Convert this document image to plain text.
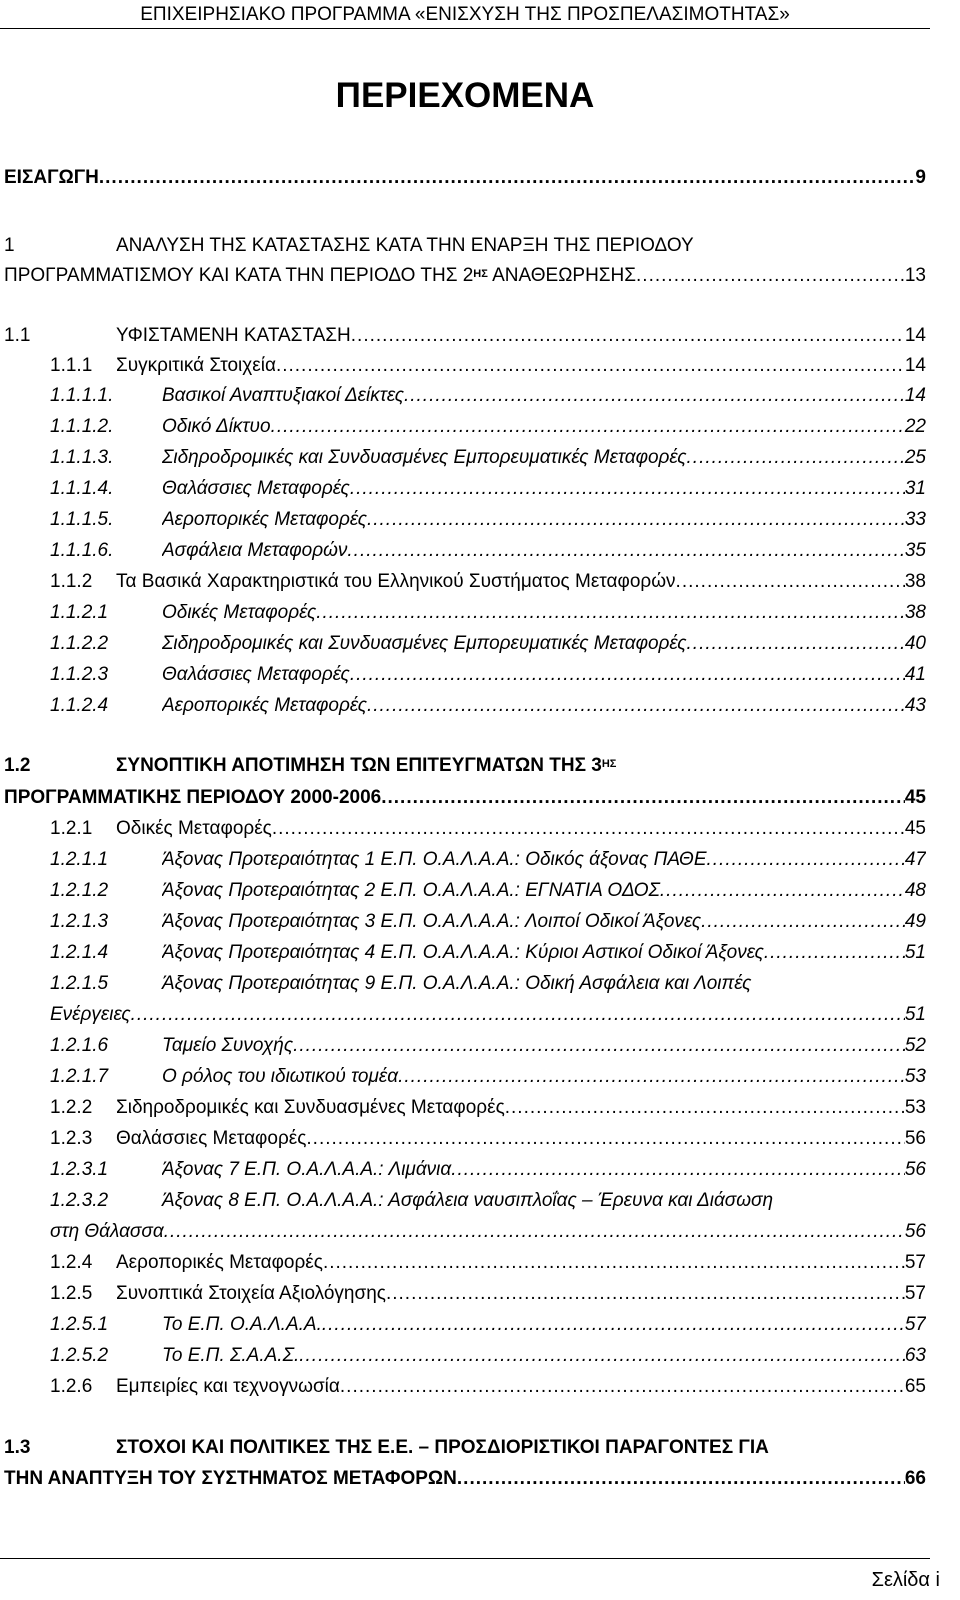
ΕΠΙΧΕΙΡΗΣΙΑΚΟ ΠΡΟΓΡΑΜΜΑ «ΕΝΙΣΧΥΣΗ ΤΗΣ ΠΡΟΣΠΕΛΑΣΙΜΟΤΗΤΑΣ»
ΠΕΡΙΕΧΟΜΕΝΑ
ΕΙΣΑΓΩΓΗ .....	9
1	ΑΝΑΛΥΣΗ ΤΗΣ ΚΑΤΑΣΤΑΣΗΣ ΚΑΤΑ ΤΗΝ ΕΝΑΡΞΗ ΤΗΣ ΠΕΡΙΟΔΟΥ
ΠΡΟΓΡΑΜΜΑΤΙΣΜΟΥ ΚΑΙ ΚΑΤΑ ΤΗΝ ΠΕΡΙΟΔΟ ΤΗΣ $2^{H\Sigma}$ ΑΝΑΘΕΩΡΗΣΗΣ .....	13
1.1	ΥΦΙΣΤΑΜΕΝΗ ΚΑΤΑΣΤΑΣΗ .....	14
1.1.1 Συγκριτικά Στοιχεία .....	14
1.1.1.1.	Βασικοί Αναπτυξιακοί Δείκτες .....	14
1.1.1.2.	Οδικό Δίκτυο .....	22
1.1.1.3.	Σιδηροδρομικές και Συνδυασμένες Εμπορευματικές Μεταφορές .....	25
1.1.1.4.	Θαλάσσιες Μεταφορές .....	31
1.1.1.5.	Αεροπορικές Μεταφορές .....	33
1.1.1.6.	Ασφάλεια Μεταφορών .....	35
1.1.2 Τα Βασικά Χαρακτηριστικά του Ελληνικού Συστήματος Μεταφορών .....	38
1.1.2.1	Οδικές Μεταφορές .....	38
1.1.2.2	Σιδηροδρομικές και Συνδυασμένες Εμπορευματικές Μεταφορές .....	40
1.1.2.3	Θαλάσσιες Μεταφορές .....	41
1.1.2.4	Αεροπορικές Μεταφορές .....	43
1.2	ΣΥΝΟΠΤΙΚΗ ΑΠΟΤΙΜΗΣΗ ΤΩΝ ΕΠΙΤΕΥΓΜΑΤΩΝ ΤΗΣ $3^{H\Sigma}$
ΠΡΟΓΡΑΜΜΑΤΙΚΗΣ ΠΕΡΙΟΔΟΥ 2000-2006 .....	45
1.2.1 Οδικές Μεταφορές .....	45
1.2.1.1	Άξονας Προτεραιότητας 1 Ε.Π. Ο.Α.Λ.Α.Α.: Οδικός άξονας ΠΑΘΕ .....	47
1.2.1.2	Άξονας Προτεραιότητας 2 Ε.Π. Ο.Α.Λ.Α.Α.: ΕΓΝΑΤΙΑ ΟΔΟΣ .....	48
1.2.1.3	Άξονας Προτεραιότητας 3 Ε.Π. Ο.Α.Λ.Α.Α.: Λοιποί Οδικοί Άξονες .....	49
1.2.1.4	Άξονας Προτεραιότητας 4 Ε.Π. Ο.Α.Λ.Α.Α.: Κύριοι Αστικοί Οδικοί Άξονες .....	51
1.2.1.5	Άξονας Προτεραιότητας 9 Ε.Π. Ο.Α.Λ.Α.Α.: Οδική Ασφάλεια και Λοιπές
Ενέργειες .....	51
1.2.1.6	Ταμείο Συνοχής .....	52
1.2.1.7	Ο ρόλος του ιδιωτικού τομέα .....	53
1.2.2 Σιδηροδρομικές και Συνδυασμένες Μεταφορές .....	53
1.2.3 Θαλάσσιες Μεταφορές .....	56
1.2.3.1	Άξονας 7 Ε.Π. Ο.Α.Λ.Α.Α.: Λιμάνια .....	56
1.2.3.2	Άξονας 8 Ε.Π. Ο.Α.Λ.Α.Α.: Ασφάλεια ναυσιπλοΐας – Έρευνα και Διάσωση
στη Θάλασσα .....	56
1.2.4 Αεροπορικές Μεταφορές .....	57
1.2.5 Συνοπτικά Στοιχεία Αξιολόγησης .....	57
1.2.5.1	Το Ε.Π. Ο.Α.Λ.Α.Α. .....	57
1.2.5.2	Το Ε.Π. Σ.Α.Α.Σ. .....	63
1.2.6 Εμπειρίες και τεχνογνωσία .....	65
1.3	ΣΤΟΧΟΙ ΚΑΙ ΠΟΛΙΤΙΚΕΣ ΤΗΣ Ε.Ε. – ΠΡΟΣΔΙΟΡΙΣΤΙΚΟΙ ΠΑΡΑΓΟΝΤΕΣ ΓΙΑ
ΤΗΝ ΑΝΑΠΤΥΞΗ ΤΟΥ ΣΥΣΤΗΜΑΤΟΣ ΜΕΤΑΦΟΡΩΝ .....	66
Σελίδα i
